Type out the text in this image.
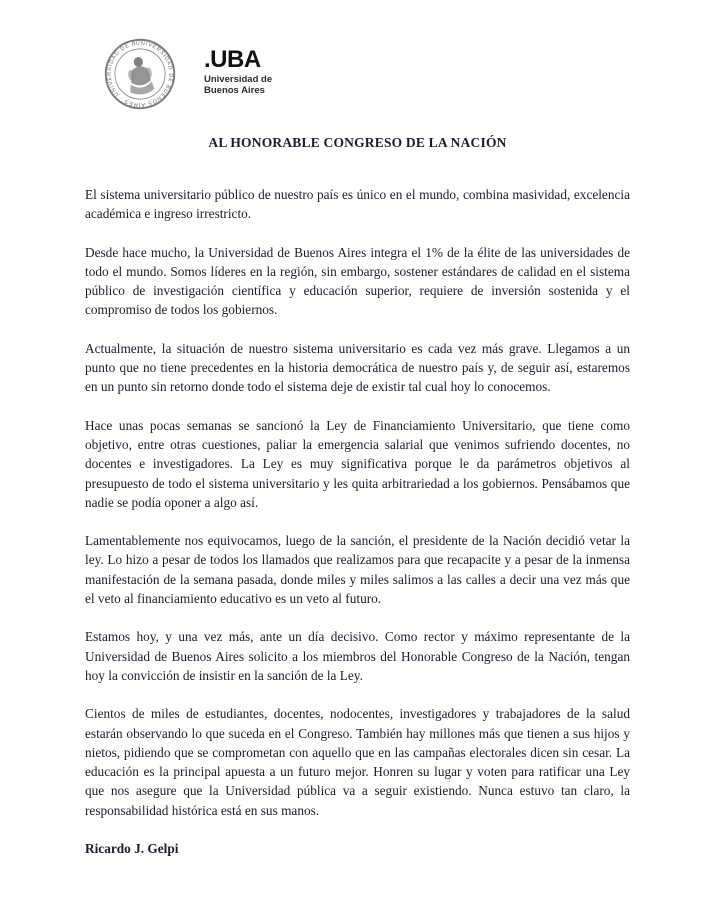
UNIVERSIDAD DE BUENOS AIRES · UNIVERSIDAD DE BUENOS AIRES ·
.UBA
Universidad de
Buenos Aires
AL HONORABLE CONGRESO DE LA NACIÓN

El sistema universitario público de nuestro país es único en el mundo, combina masividad, excelencia académica e ingreso irrestricto.

Desde hace mucho, la Universidad de Buenos Aires integra el 1% de la élite de las universidades de todo el mundo. Somos líderes en la región, sin embargo, sostener estándares de calidad en el sistema público de investigación científica y educación superior, requiere de inversión sostenida y el compromiso de todos los gobiernos.

Actualmente, la situación de nuestro sistema universitario es cada vez más grave. Llegamos a un punto que no tiene precedentes en la historia democrática de nuestro país y, de seguir así, estaremos en un punto sin retorno donde todo el sistema deje de existir tal cual hoy lo conocemos.

Hace unas pocas semanas se sancionó la Ley de Financiamiento Universitario, que tiene como objetivo, entre otras cuestiones, paliar la emergencia salarial que venimos sufriendo docentes, no docentes e investigadores. La Ley es muy significativa porque le da parámetros objetivos al presupuesto de todo el sistema universitario y les quita arbitrariedad a los gobiernos. Pensábamos que nadie se podía oponer a algo así.

Lamentablemente nos equivocamos, luego de la sanción, el presidente de la Nación decidió vetar la ley. Lo hizo a pesar de todos los llamados que realizamos para que recapacite y a pesar de la inmensa manifestación de la semana pasada, donde miles y miles salimos a las calles a decir una vez más que el veto al financiamiento educativo es un veto al futuro.

Estamos hoy, y una vez más, ante un día decisivo. Como rector y máximo representante de la Universidad de Buenos Aires solicito a los miembros del Honorable Congreso de la Nación, tengan hoy la convicción de insistir en la sanción de la Ley.

Cientos de miles de estudiantes, docentes, nodocentes, investigadores y trabajadores de la salud estarán observando lo que suceda en el Congreso. También hay millones más que tienen a sus hijos y nietos, pidiendo que se comprometan con aquello que en las campañas electorales dicen sin cesar. La educación es la principal apuesta a un futuro mejor. Honren su lugar y voten para ratificar una Ley que nos asegure que la Universidad pública va a seguir existiendo. Nunca estuvo tan claro, la responsabilidad histórica está en sus manos.

Ricardo J. Gelpi
